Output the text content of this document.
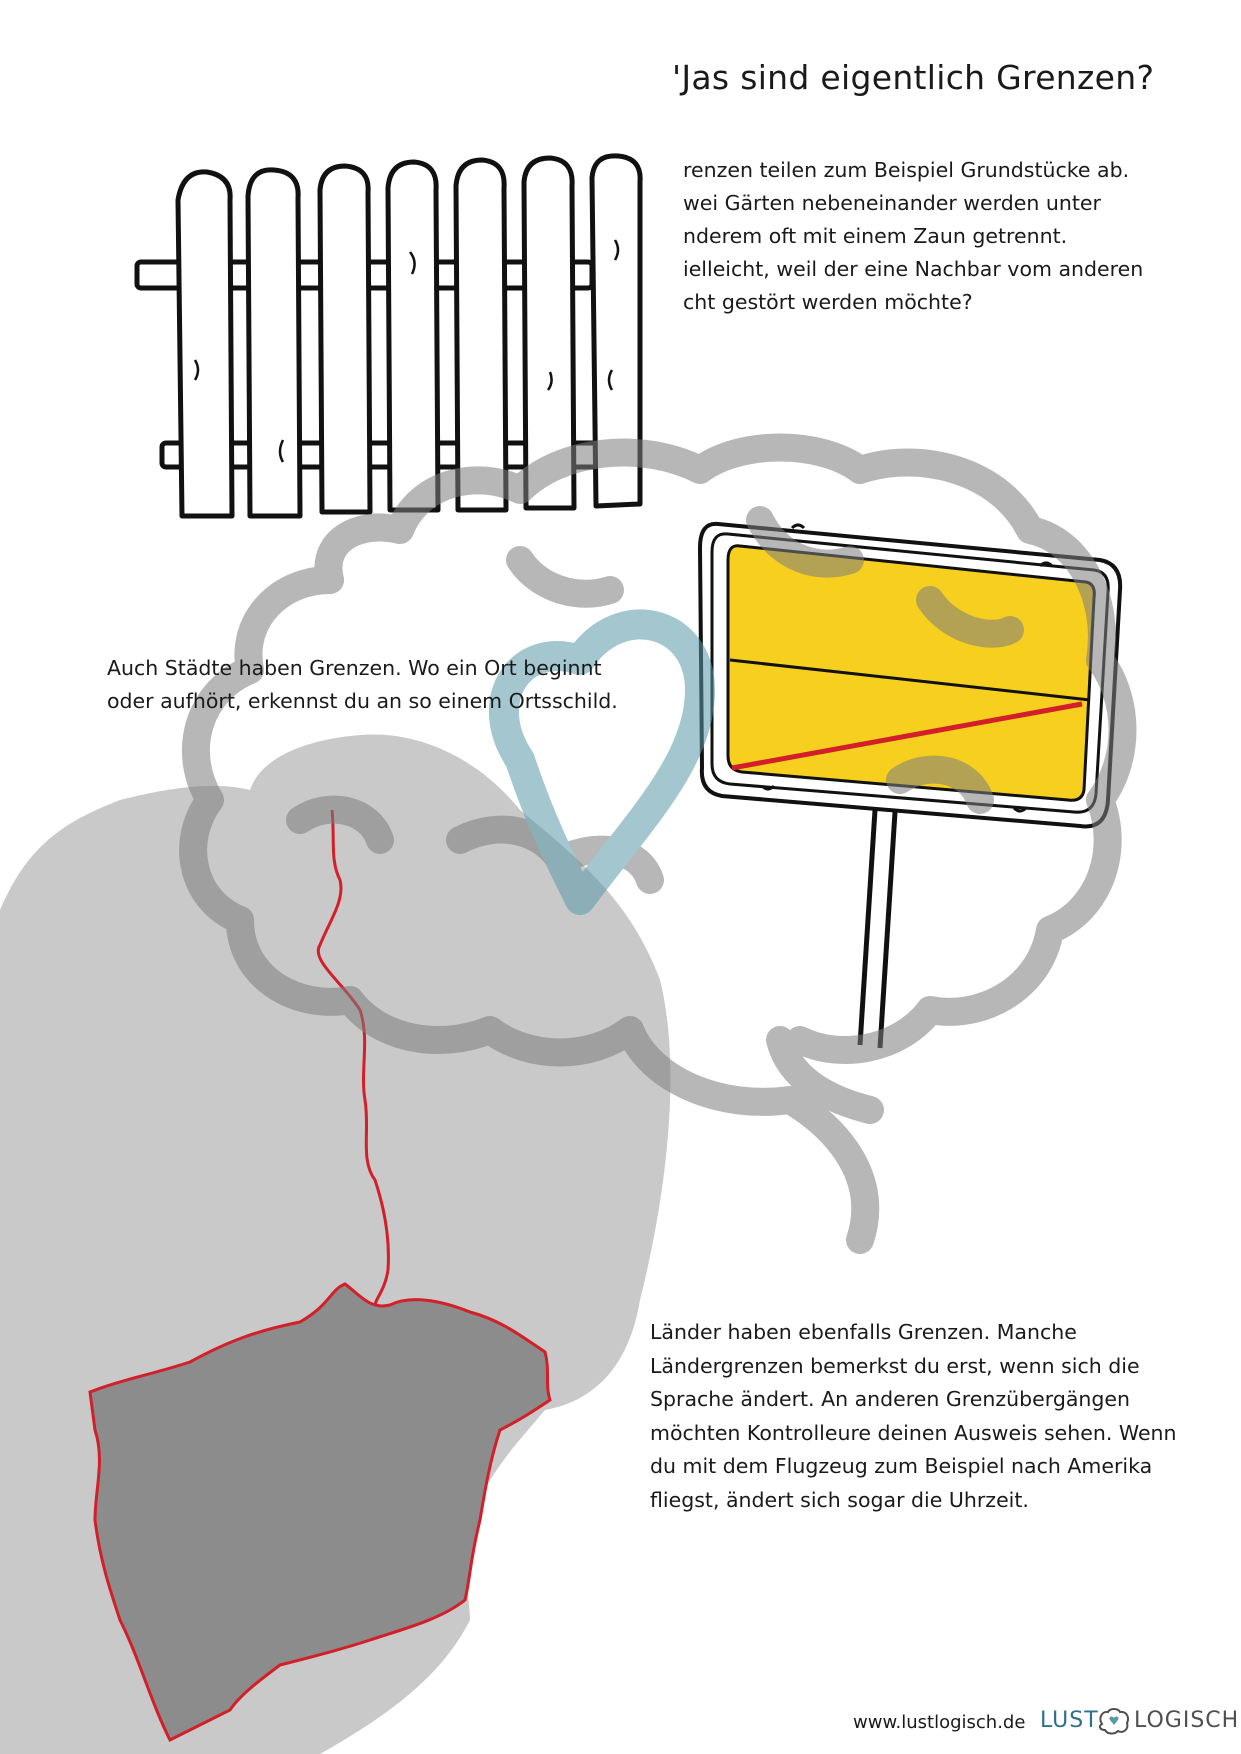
'Jas sind eigentlich Grenzen?
renzen teilen zum Beispiel Grundstücke ab.
wei Gärten nebeneinander werden unter
nderem oft mit einem Zaun getrennt.
ielleicht, weil der eine Nachbar vom anderen
cht gestört werden möchte?
Auch Städte haben Grenzen. Wo ein Ort beginnt
oder aufhört, erkennst du an so einem Ortsschild.
Länder haben ebenfalls Grenzen. Manche
Ländergrenzen bemerkst du erst, wenn sich die
Sprache ändert. An anderen Grenzübergängen
möchten Kontrolleure deinen Ausweis sehen. Wenn
du mit dem Flugzeug zum Beispiel nach Amerika
fliegst, ändert sich sogar die Uhrzeit.
www.lustlogisch.de LUST LOGISCH
